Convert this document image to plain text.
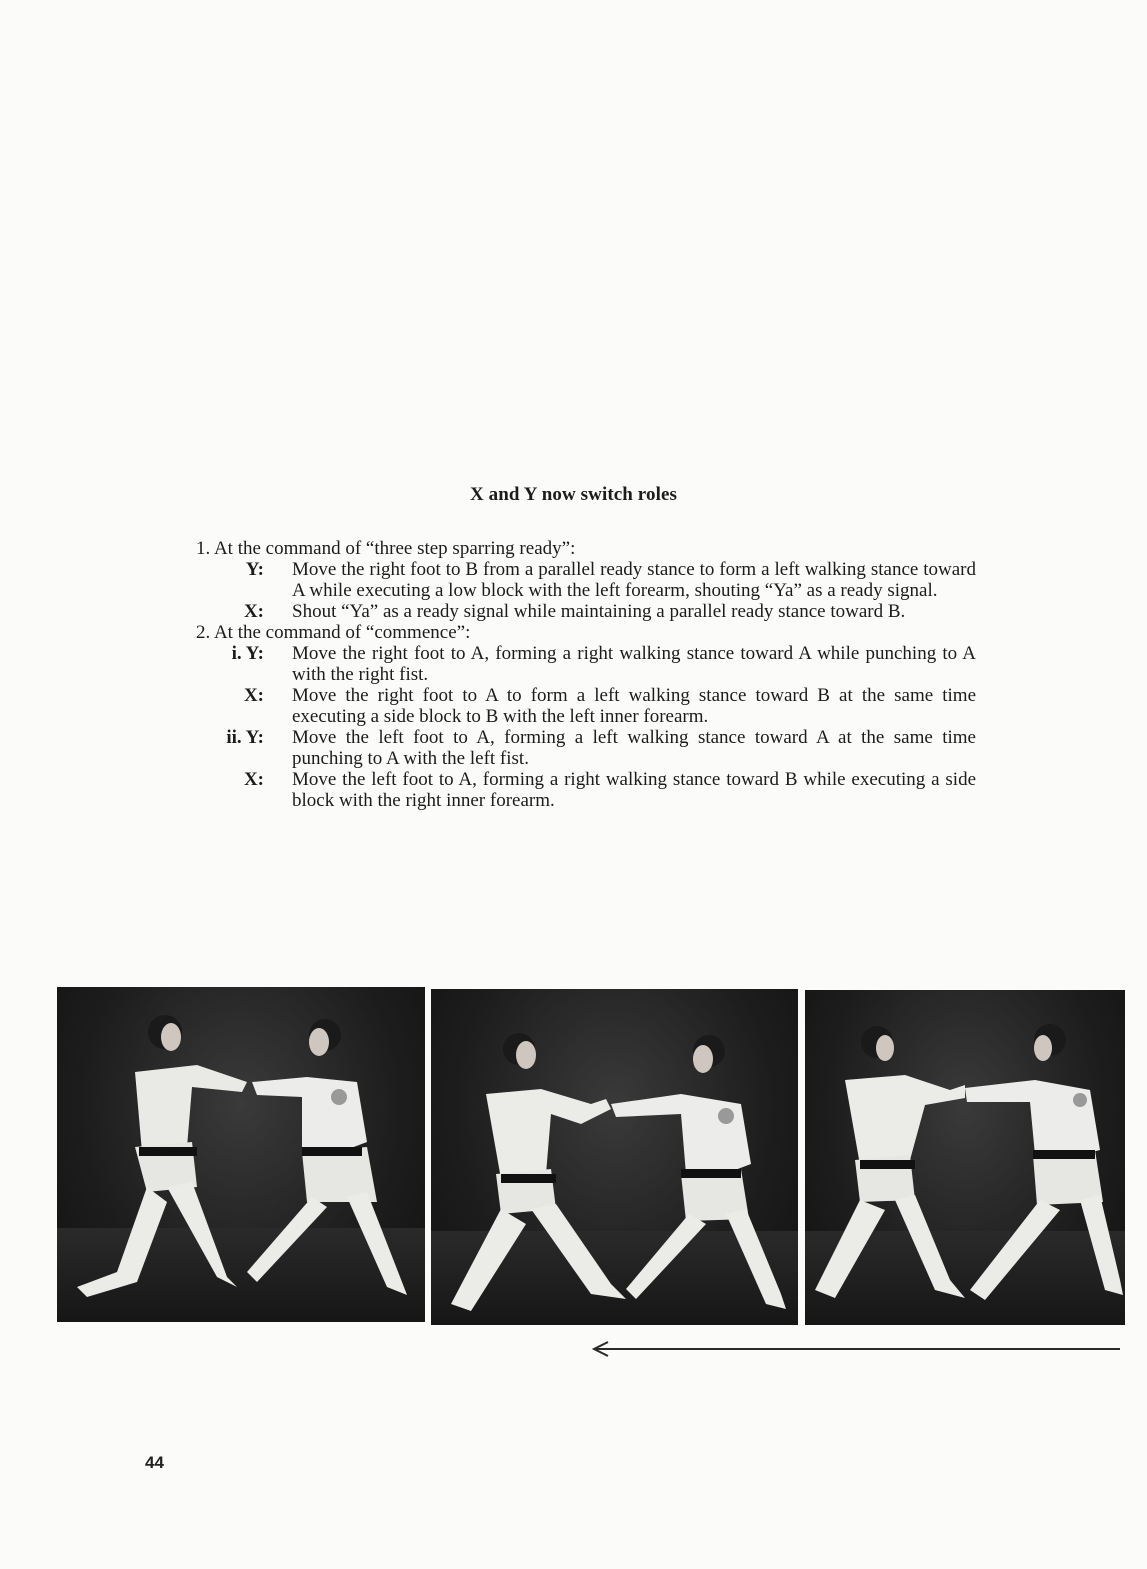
X and Y now switch roles
1. At the command of “three step sparring ready”:
Y: Move the right foot to B from a parallel ready stance to form a left walking stance toward A while executing a low block with the left forearm, shouting “Ya” as a ready signal.
X: Shout “Ya” as a ready signal while maintaining a parallel ready stance toward B.
2. At the command of “commence”:
i. Y: Move the right foot to A, forming a right walking stance toward A while punching to A with the right fist.
X: Move the right foot to A to form a left walking stance toward B at the same time executing a side block to B with the left inner forearm.
ii. Y: Move the left foot to A, forming a left walking stance toward A at the same time punching to A with the left fist.
X: Move the left foot to A, forming a right walking stance toward B while executing a side block with the right inner forearm.
44
